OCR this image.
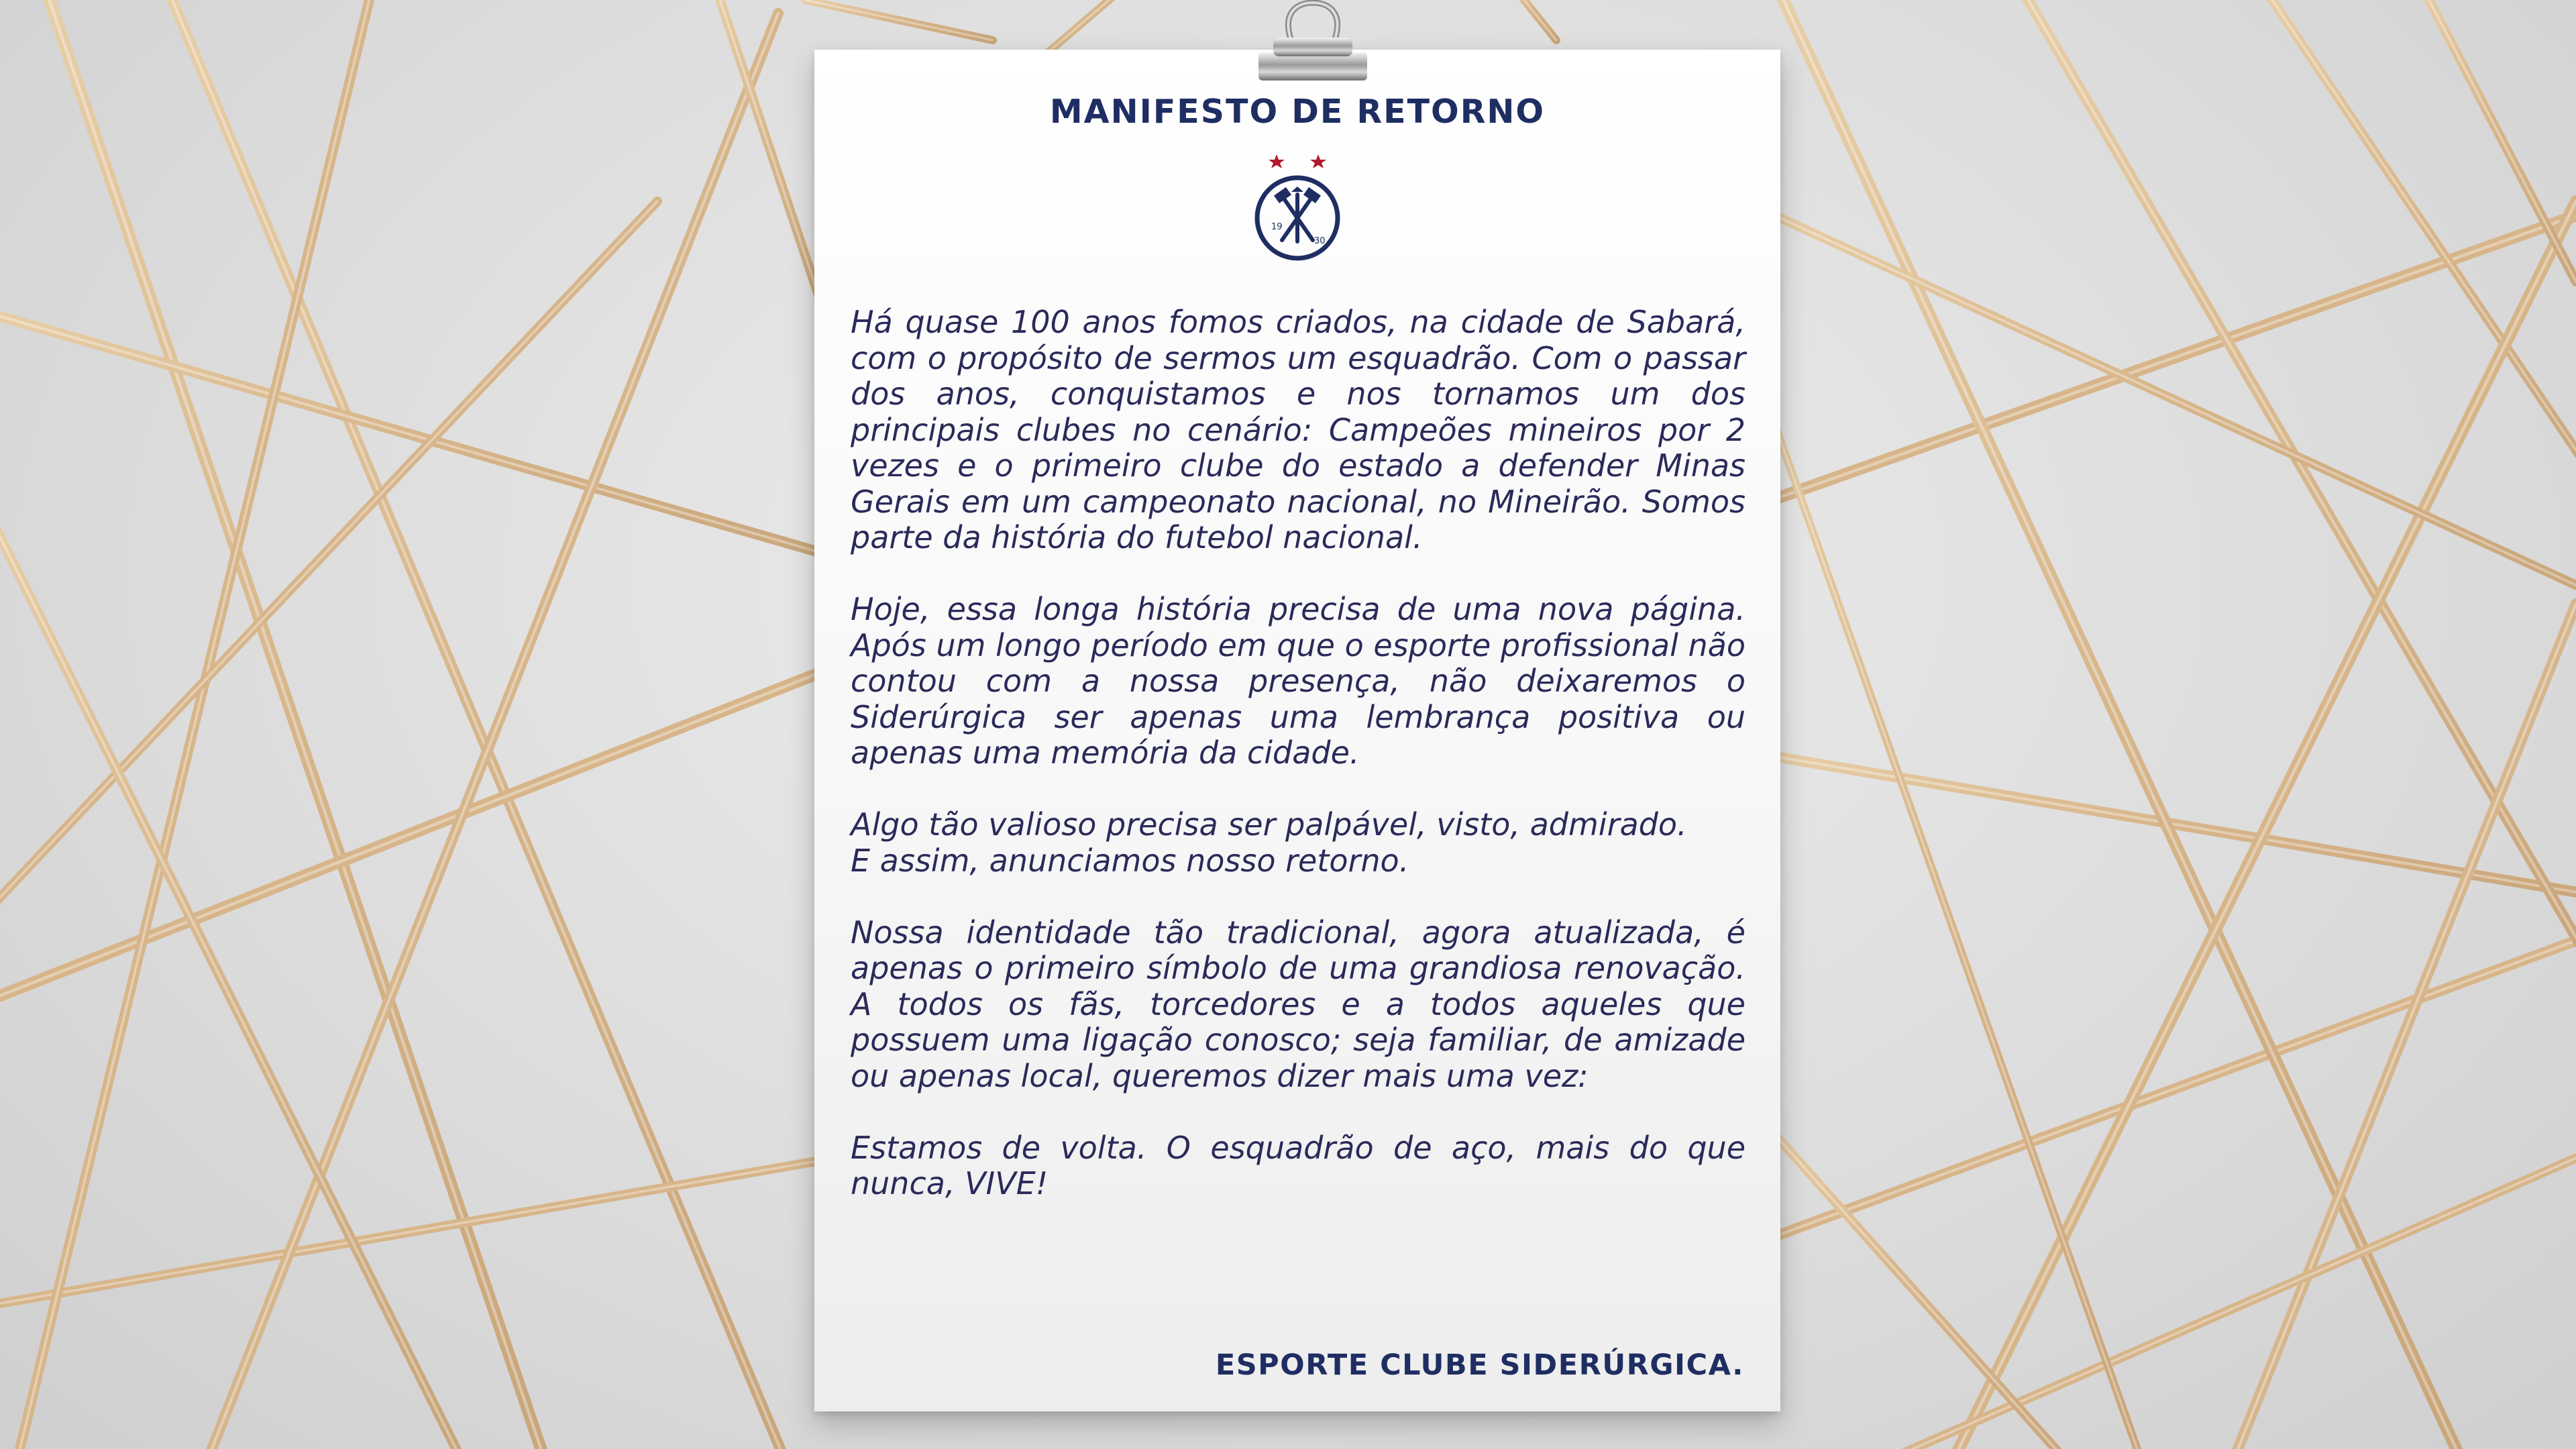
MANIFESTO DE RETORNO
19
30

Há quase 100 anos fomos criados, na cidade de Sabará, com o propósito de sermos um esquadrão. Com o passar dos anos, conquistamos e nos tornamos um dos principais clubes no cenário: Campeões mineiros por 2 vezes e o primeiro clube do estado a defender Minas Gerais em um campeonato nacional, no Mineirão. Somos parte da história do futebol nacional.

Hoje, essa longa história precisa de uma nova página. Após um longo período em que o esporte profissional não contou com a nossa presença, não deixaremos o Siderúrgica ser apenas uma lembrança positiva ou apenas uma memória da cidade.

Algo tão valioso precisa ser palpável, visto, admirado.
E assim, anunciamos nosso retorno.

Nossa identidade tão tradicional, agora atualizada, é apenas o primeiro símbolo de uma grandiosa renovação. A todos os fãs, torcedores e a todos aqueles que possuem uma ligação conosco; seja familiar, de amizade ou apenas local, queremos dizer mais uma vez:

Estamos de volta. O esquadrão de aço, mais do que nunca, VIVE!

ESPORTE CLUBE SIDERÚRGICA.
